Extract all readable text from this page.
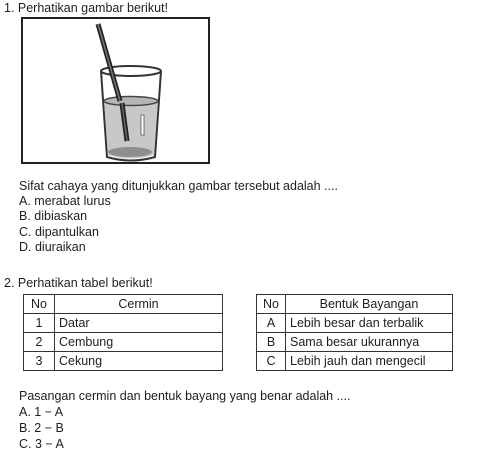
1. Perhatikan gambar berikut!
Sifat cahaya yang ditunjukkan gambar tersebut adalah ....
A. merabat lurus
B. dibiaskan
C. dipantulkan
D. diuraikan
2. Perhatikan tabel berikut!
No	Cermin
1	Datar
2	Cembung
3	Cekung
No	Bentuk Bayangan
A	Lebih besar dan terbalik
B	Sama besar ukurannya
C	Lebih jauh dan mengecil
Pasangan cermin dan bentuk bayang yang benar adalah ....
A. 1 − A
B. 2 − B
C. 3 − A
